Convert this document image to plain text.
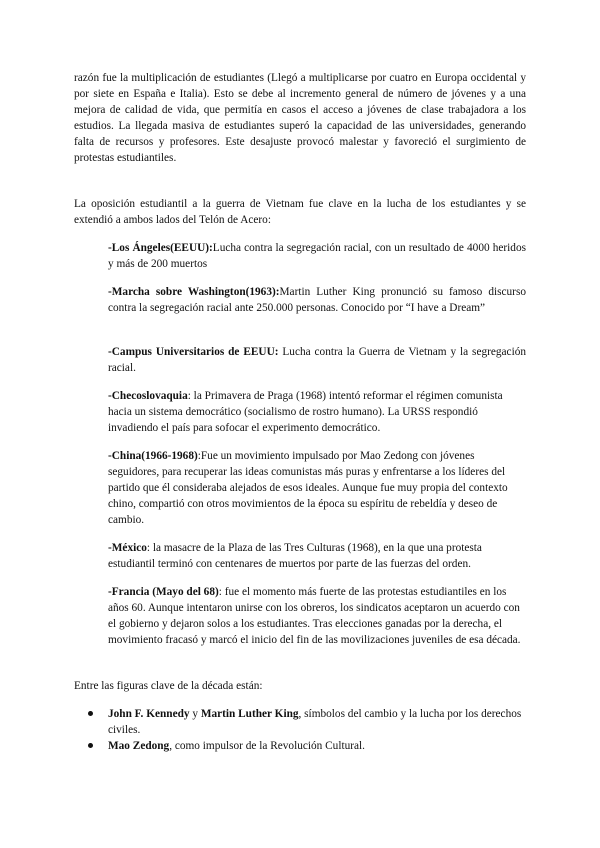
razón fue la multiplicación de estudiantes (Llegó a multiplicarse por cuatro en Europa occidental y por siete en España e Italia). Esto se debe al incremento general de número de jóvenes y a una mejora de calidad de vida, que permitía en casos el acceso a jóvenes de clase trabajadora a los estudios. La llegada masiva de estudiantes superó la capacidad de las universidades, generando falta de recursos y profesores. Este desajuste provocó malestar y favoreció el surgimiento de protestas estudiantiles.

La oposición estudiantil a la guerra de Vietnam fue clave en la lucha de los estudiantes y se extendió a ambos lados del Telón de Acero:

-Los Ángeles(EEUU):Lucha contra la segregación racial, con un resultado de 4000 heridos y más de 200 muertos

-Marcha sobre Washington(1963):Martin Luther King pronunció su famoso discurso contra la segregación racial ante 250.000 personas. Conocido por “I have a Dream”

-Campus Universitarios de EEUU: Lucha contra la Guerra de Vietnam y la segregación racial.

-Checoslovaquia: la Primavera de Praga (1968) intentó reformar el régimen comunista hacia un sistema democrático (socialismo de rostro humano). La URSS respondió invadiendo el país para sofocar el experimento democrático.

-China(1966-1968):Fue un movimiento impulsado por Mao Zedong con jóvenes seguidores, para recuperar las ideas comunistas más puras y enfrentarse a los líderes del partido que él consideraba alejados de esos ideales. Aunque fue muy propia del contexto chino, compartió con otros movimientos de la época su espíritu de rebeldía y deseo de cambio.

-México: la masacre de la Plaza de las Tres Culturas (1968), en la que una protesta estudiantil terminó con centenares de muertos por parte de las fuerzas del orden.

-Francia (Mayo del 68): fue el momento más fuerte de las protestas estudiantiles en los años 60. Aunque intentaron unirse con los obreros, los sindicatos aceptaron un acuerdo con el gobierno y dejaron solos a los estudiantes. Tras elecciones ganadas por la derecha, el movimiento fracasó y marcó el inicio del fin de las movilizaciones juveniles de esa década.

Entre las figuras clave de la década están:

John F. Kennedy y Martin Luther King, símbolos del cambio y la lucha por los derechos civiles.
Mao Zedong, como impulsor de la Revolución Cultural.
